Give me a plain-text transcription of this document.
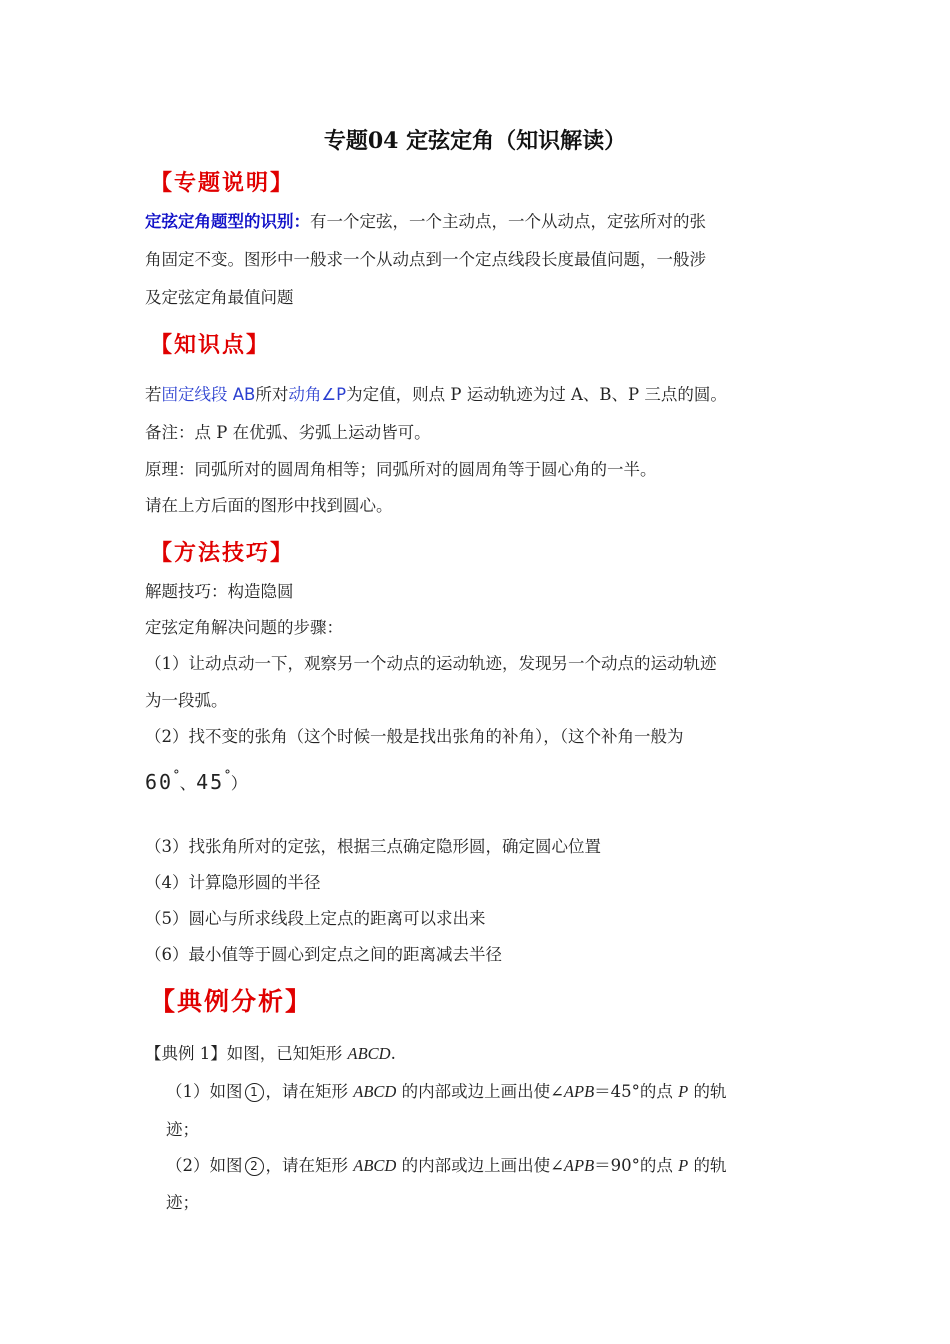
专题04 定弦定角（知识解读）
【专题说明】
定弦定角题型的识别：有一个定弦，一个主动点，一个从动点，定弦所对的张
角固定不变。图形中一般求一个从动点到一个定点线段长度最值问题，一般涉
及定弦定角最值问题
【知识点】
若固定线段 AB所对动角∠P为定值，则点 P 运动轨迹为过 A、B、P 三点的圆。
备注：点 P 在优弧、劣弧上运动皆可。
原理：同弧所对的圆周角相等；同弧所对的圆周角等于圆心角的一半。
请在上方后面的图形中找到圆心。
【方法技巧】
解题技巧：构造隐圆
定弦定角解决问题的步骤：
（1）让动点动一下，观察另一个动点的运动轨迹，发现另一个动点的运动轨迹
为一段弧。
（2）找不变的张角（这个时候一般是找出张角的补角），（这个补角一般为
60°、45°）
（3）找张角所对的定弦，根据三点确定隐形圆，确定圆心位置
（4）计算隐形圆的半径
（5）圆心与所求线段上定点的距离可以求出来
（6）最小值等于圆心到定点之间的距离减去半径
【典例分析】
【典例 1】如图，已知矩形 ABCD.
（1）如图 1 ，请在矩形 ABCD 的内部或边上画出使∠APB＝45°的点 P 的轨
迹；
（2）如图 2 ，请在矩形 ABCD 的内部或边上画出使∠APB＝90°的点 P 的轨
迹；
